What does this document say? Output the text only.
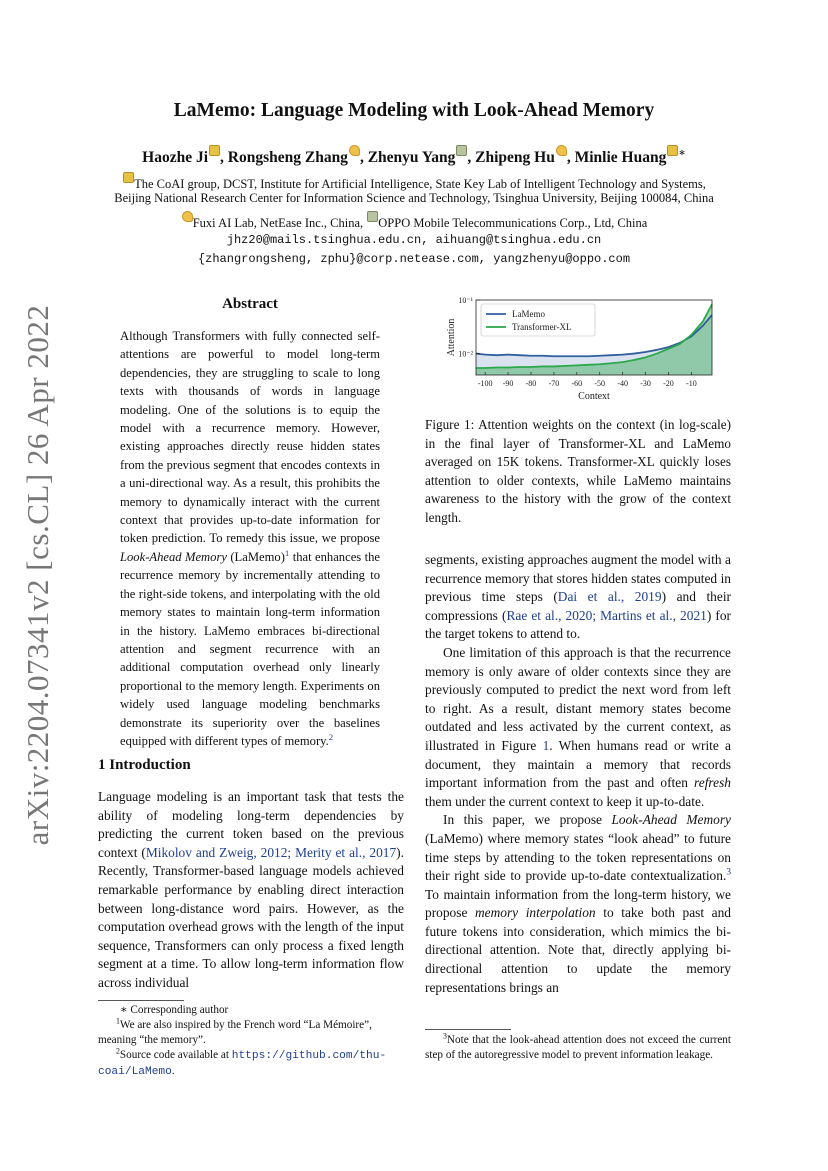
arXiv:2204.07341v2 [cs.CL] 26 Apr 2022
LaMemo: Language Modeling with Look-Ahead Memory
Haozhe Ji , Rongsheng Zhang , Zhenyu Yang , Zhipeng Hu , Minlie Huang ∗
The CoAI group, DCST, Institute for Artificial Intelligence, State Key Lab of Intelligent Technology and Systems,
Beijing National Research Center for Information Science and Technology, Tsinghua University, Beijing 100084, China
Fuxi AI Lab, NetEase Inc., China, OPPO Mobile Telecommunications Corp., Ltd, China
jhz20@mails.tsinghua.edu.cn, aihuang@tsinghua.edu.cn
{zhangrongsheng, zphu}@corp.netease.com, yangzhenyu@oppo.com
Abstract
Although Transformers with fully connected self-attentions are powerful to model long-term dependencies, they are struggling to scale to long texts with thousands of words in language modeling. One of the solutions is to equip the model with a recurrence memory. However, existing approaches directly reuse hidden states from the previous segment that encodes contexts in a uni-directional way. As a result, this prohibits the memory to dynamically interact with the current context that provides up-to-date information for token prediction. To remedy this issue, we propose Look-Ahead Memory (LaMemo)$^1$ that enhances the recurrence memory by incrementally attending to the right-side tokens, and interpolating with the old memory states to maintain long-term information in the history. LaMemo embraces bi-directional attention and segment recurrence with an additional computation overhead only linearly proportional to the memory length. Experiments on widely used language modeling benchmarks demonstrate its superiority over the baselines equipped with different types of memory.$^2$
1 Introduction

Language modeling is an important task that tests the ability of modeling long-term dependencies by predicting the current token based on the previous context (Mikolov and Zweig, 2012; Merity et al., 2017). Recently, Transformer-based language models achieved remarkable performance by enabling direct interaction between long-distance word pairs. However, as the computation overhead grows with the length of the input sequence, Transformers can only process a fixed length segment at a time. To allow long-term information flow across individual

∗ Corresponding author

$^1$We are also inspired by the French word “La Mémoire”, meaning “the memory”.

$^2$Source code available at https://github.com/thu-coai/LaMemo.

10⁻¹
10⁻²
-100 -90 -80 -70 -60 -50 -40 -30 -20 -10
Context
Attention
LaMemo
Transformer-XL
Figure 1: Attention weights on the context (in log-scale) in the final layer of Transformer-XL and LaMemo averaged on 15K tokens. Transformer-XL quickly loses attention to older contexts, while LaMemo maintains awareness to the history with the grow of the context length.

segments, existing approaches augment the model with a recurrence memory that stores hidden states computed in previous time steps (Dai et al., 2019) and their compressions (Rae et al., 2020; Martins et al., 2021) for the target tokens to attend to.

One limitation of this approach is that the recurrence memory is only aware of older contexts since they are previously computed to predict the next word from left to right. As a result, distant memory states become outdated and less activated by the current context, as illustrated in Figure 1. When humans read or write a document, they maintain a memory that records important information from the past and often refresh them under the current context to keep it up-to-date.

In this paper, we propose Look-Ahead Memory (LaMemo) where memory states “look ahead” to future time steps by attending to the token representations on their right side to provide up-to-date contextualization.$^3$ To maintain information from the long-term history, we propose memory interpolation to take both past and future tokens into consideration, which mimics the bi-directional attention. Note that, directly applying bi-directional attention to update the memory representations brings an

$^3$Note that the look-ahead attention does not exceed the current step of the autoregressive model to prevent information leakage.
